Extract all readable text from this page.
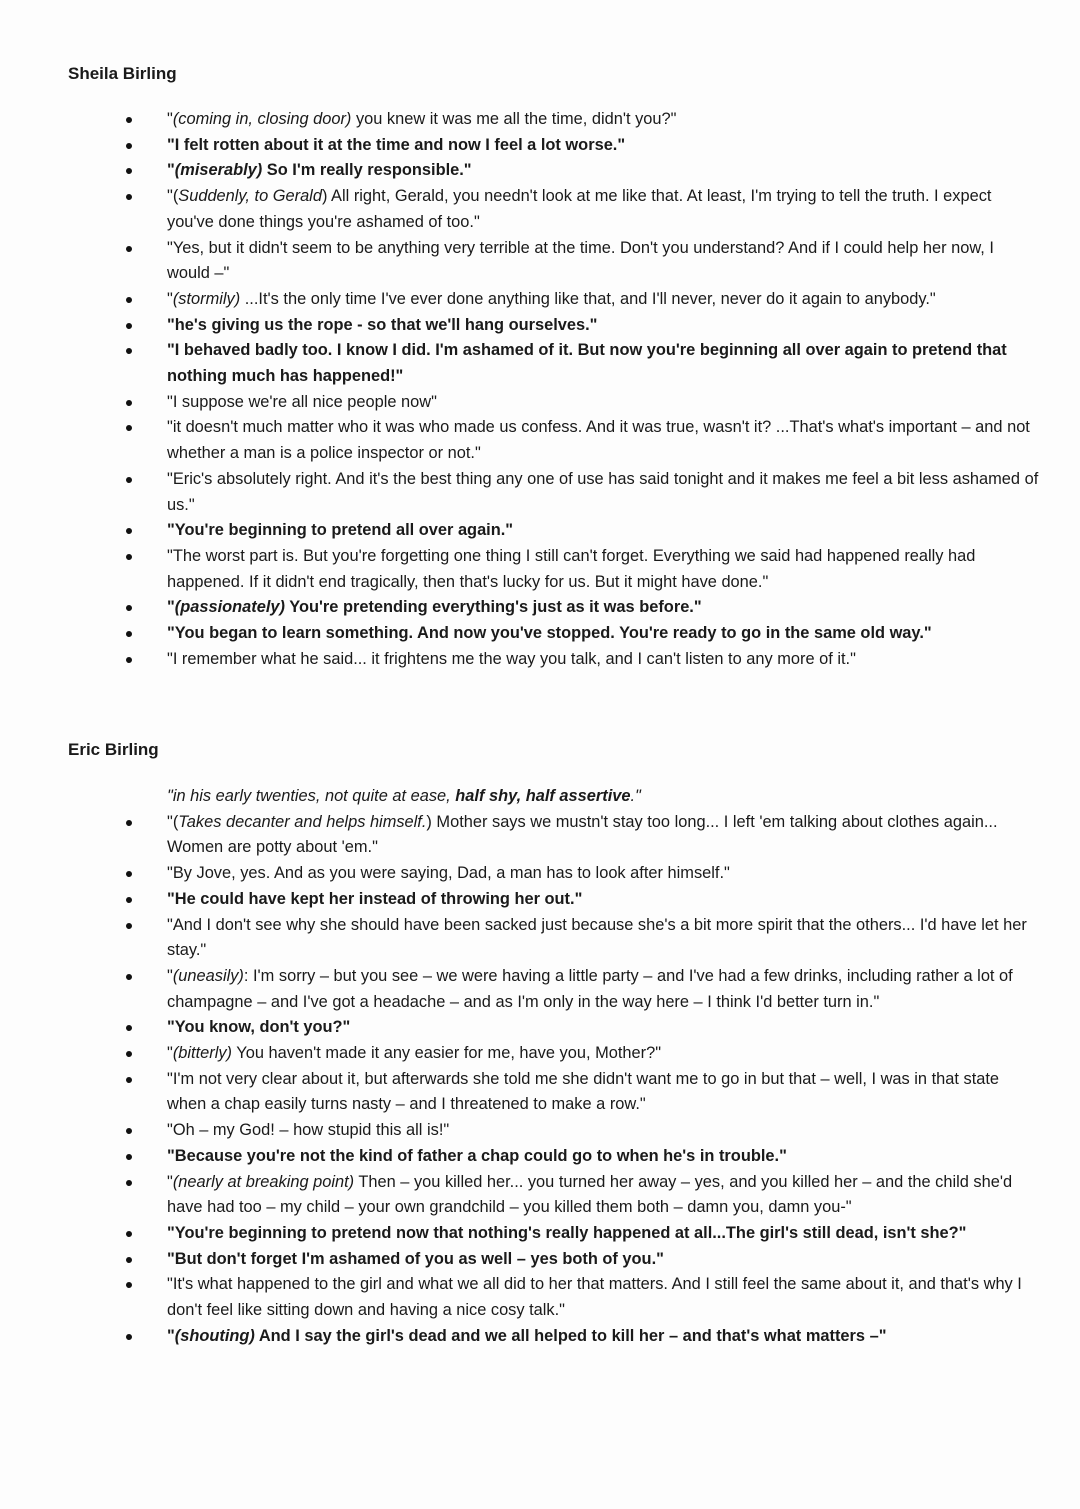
Sheila Birling
"(coming in, closing door) you knew it was me all the time, didn't you?"
"I felt rotten about it at the time and now I feel a lot worse."
"(miserably) So I'm really responsible."
"(Suddenly, to Gerald) All right, Gerald, you needn't look at me like that. At least, I'm trying to tell the truth. I expect you've done things you're ashamed of too."
"Yes, but it didn't seem to be anything very terrible at the time. Don't you understand? And if I could help her now, I would –"
"(stormily) ...It's the only time I've ever done anything like that, and I'll never, never do it again to anybody."
"he's giving us the rope - so that we'll hang ourselves."
"I behaved badly too. I know I did. I'm ashamed of it. But now you're beginning all over again to pretend that nothing much has happened!"
"I suppose we're all nice people now"
"it doesn't much matter who it was who made us confess. And it was true, wasn't it? ...That's what's important – and not whether a man is a police inspector or not."
"Eric's absolutely right. And it's the best thing any one of use has said tonight and it makes me feel a bit less ashamed of us."
"You're beginning to pretend all over again."
"The worst part is. But you're forgetting one thing I still can't forget. Everything we said had happened really had happened. If it didn't end tragically, then that's lucky for us. But it might have done."
"(passionately) You're pretending everything's just as it was before."
"You began to learn something. And now you've stopped. You're ready to go in the same old way."
"I remember what he said... it frightens me the way you talk, and I can't listen to any more of it."
Eric Birling
"in his early twenties, not quite at ease, half shy, half assertive."
"(Takes decanter and helps himself.) Mother says we mustn't stay too long... I left 'em talking about clothes again... Women are potty about 'em."
"By Jove, yes. And as you were saying, Dad, a man has to look after himself."
"He could have kept her instead of throwing her out."
"And I don't see why she should have been sacked just because she's a bit more spirit that the others... I'd have let her stay."
"(uneasily): I'm sorry – but you see – we were having a little party – and I've had a few drinks, including rather a lot of champagne – and I've got a headache – and as I'm only in the way here – I think I'd better turn in."
"You know, don't you?"
"(bitterly) You haven't made it any easier for me, have you, Mother?"
"I'm not very clear about it, but afterwards she told me she didn't want me to go in but that – well, I was in that state when a chap easily turns nasty – and I threatened to make a row."
"Oh – my God! – how stupid this all is!"
"Because you're not the kind of father a chap could go to when he's in trouble."
"(nearly at breaking point) Then – you killed her... you turned her away – yes, and you killed her – and the child she'd have had too – my child – your own grandchild – you killed them both – damn you, damn you-"
"You're beginning to pretend now that nothing's really happened at all...The girl's still dead, isn't she?"
"But don't forget I'm ashamed of you as well – yes both of you."
"It's what happened to the girl and what we all did to her that matters. And I still feel the same about it, and that's why I don't feel like sitting down and having a nice cosy talk."
"(shouting) And I say the girl's dead and we all helped to kill her – and that's what matters –"
